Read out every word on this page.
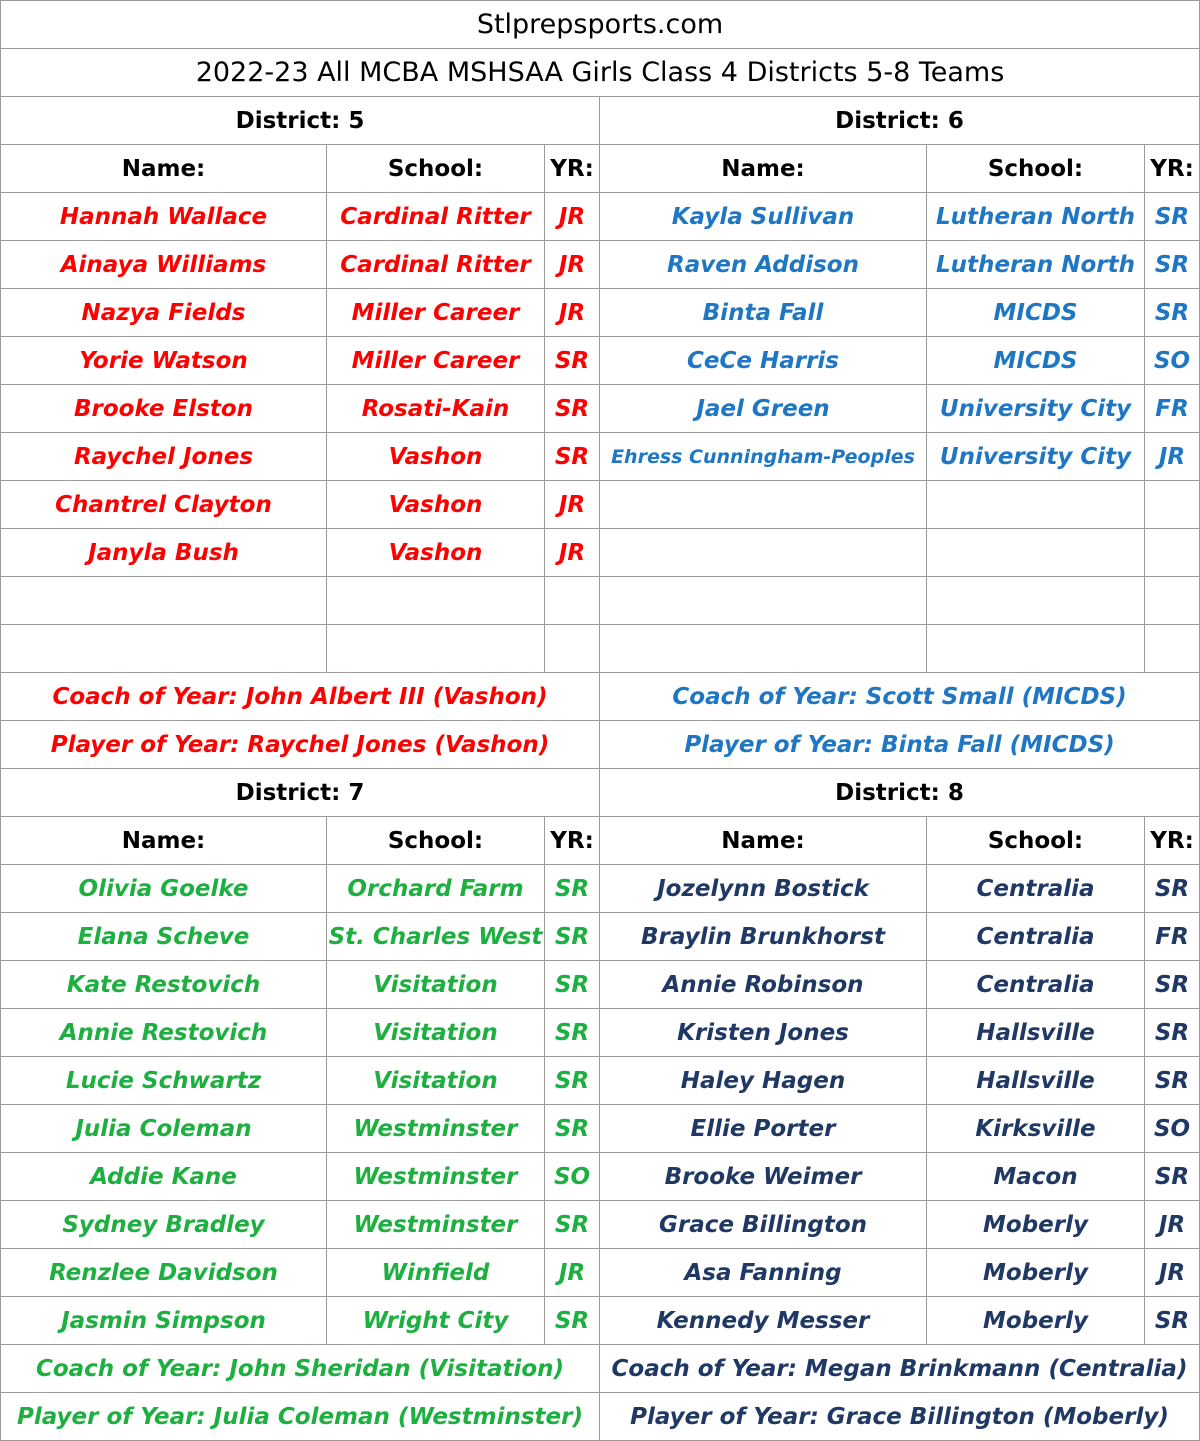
Stlprepsports.com
2022-23 All MCBA MSHSAA Girls Class 4 Districts 5-8 Teams
District: 5
Name:	School:	YR:
Hannah Wallace	Cardinal Ritter	JR
Ainaya Williams	Cardinal Ritter	JR
Nazya Fields	Miller Career	JR
Yorie Watson	Miller Career	SR
Brooke Elston	Rosati-Kain	SR
Raychel Jones	Vashon	SR
Chantrel Clayton	Vashon	JR
Janyla Bush	Vashon	JR
Coach of Year: John Albert III (Vashon)
Player of Year: Raychel Jones (Vashon)
District: 6
Name:	School:	YR:
Kayla Sullivan	Lutheran North SR
Raven Addison	Lutheran North SR
Binta Fall	MICDS	SR
CeCe Harris	MICDS	SO
Jael Green	University City	FR
Ehress Cunningham-Peoples	University City	JR
Coach of Year: Scott Small (MICDS)
Player of Year: Binta Fall (MICDS)
District: 7
Name:	School:	YR:
Olivia Goelke	Orchard Farm	SR
Elana Scheve	St. Charles West SR
Kate Restovich	Visitation	SR
Annie Restovich	Visitation	SR
Lucie Schwartz	Visitation	SR
Julia Coleman	Westminster	SR
Addie Kane	Westminster	SO
Sydney Bradley	Westminster	SR
Renzlee Davidson	Winfield	JR
Jasmin Simpson	Wright City	SR
Coach of Year: John Sheridan (Visitation)
Player of Year: Julia Coleman (Westminster)
District: 8
Name:	School:	YR:
Jozelynn Bostick	Centralia	SR
Braylin Brunkhorst	Centralia	FR
Annie Robinson	Centralia	SR
Kristen Jones	Hallsville	SR
Haley Hagen	Hallsville	SR
Ellie Porter	Kirksville	SO
Brooke Weimer	Macon	SR
Grace Billington	Moberly	JR
Asa Fanning	Moberly	JR
Kennedy Messer	Moberly	SR
Coach of Year: Megan Brinkmann (Centralia)
Player of Year: Grace Billington (Moberly)
